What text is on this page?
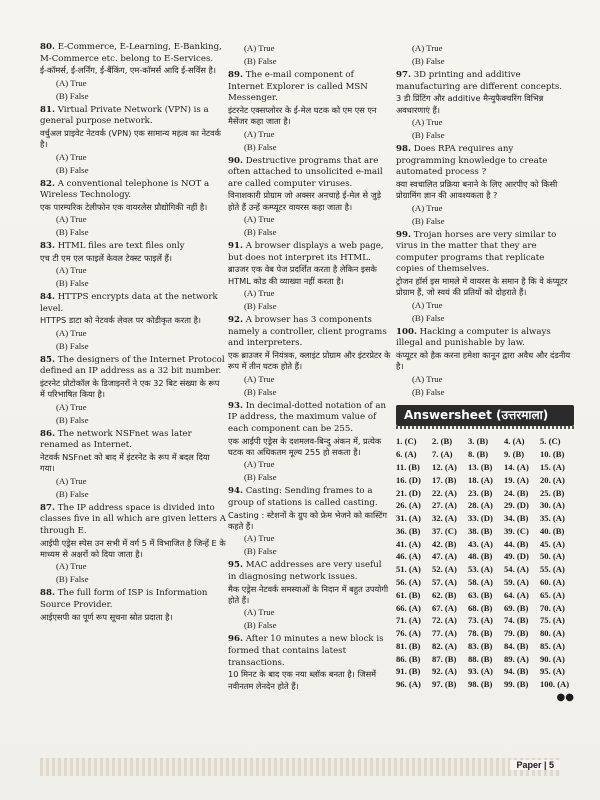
80. E-Commerce, E-Learning, E-Banking, M-Commerce etc. belong to E-Services.
ई-कॉमर्स, ई-लर्निंग, ई-बैंकिंग, एम-कॉमर्स आदि ई-सर्विस है।
(A) True
(B) False
81. Virtual Private Network (VPN) is a general purpose network.
वर्चुअल प्राइवेट नेटवर्क (VPN) एक सामान्य महत्व का नेटवर्क है।
(A) True
(B) False
82. A conventional telephone is NOT a Wireless Technology.
एक पारम्परिक टेलीफोन एक वायरलेस प्रौद्योगिकी नहीं है।
(A) True
(B) False
83. HTML files are text files only
एच टी एम एल फाइलें केवल टेक्स्ट फाइलें हैं।
(A) True
(B) False
84. HTTPS encrypts data at the network level.
HTTPS डाटा को नेटवर्क लेवल पर कोडीकृत करता है।
(A) True
(B) False
85. The designers of the Internet Protocol defined an IP address as a 32 bit number.
इंटरनेट प्रोटोकॉल के डिजाइनरों ने एक 32 बिट संख्या के रूप में परिभाषित किया है।
(A) True
(B) False
86. The network NSFnet was later renamed as Internet.
नेटवर्क NSFnet को बाद में इंटरनेट के रूप में बदल दिया गया।
(A) True
(B) False
87. The IP address space is divided into classes five in all which are given letters A through E.
आईपी एड्रेस स्पेस उन सभी में वर्ग 5 में विभाजित है जिन्हें E के माध्यम से अक्षरों को दिया जाता है।
(A) True
(B) False
88. The full form of ISP is Information Source Provider.
आईएसपी का पूर्ण रूप सूचना स्रोत प्रदाता है।
(A) True
(B) False
89. The e-mail component of Internet Explorer is called MSN Messenger.
इंटरनेट एक्सप्लोरर के ई-मेल घटक को एम एस एन मैसेंजर कहा जाता है।
(A) True
(B) False
90. Destructive programs that are often attached to unsolicited e-mail are called computer viruses.
विनाशकारी प्रोग्राम जो अक्सर अनचाहे ई-मेल से जुड़े होते हैं उन्हें कम्प्यूटर वायरस कहा जाता है।
(A) True
(B) False
91. A browser displays a web page, but does not interpret its HTML.
ब्राउजर एक वेब पेज प्रदर्शित करता है लेकिन इसके HTML कोड की व्याख्या नहीं करता है।
(A) True
(B) False
92. A browser has 3 components namely a controller, client programs and interpreters.
एक ब्राउजर में नियंत्रक, क्लाइंट प्रोग्राम और इंटरप्रेटर के रूप में तीन घटक होते हैं।
(A) True
(B) False
93. In decimal-dotted notation of an IP address, the maximum value of each component can be 255.
एक आईपी एड्रेस के दशमलव-बिन्दु अंकन में, प्रत्येक घटक का अधिकतम मूल्य 255 हो सकता है।
(A) True
(B) False
94. Casting: Sending frames to a group of stations is called casting.
Casting : स्टेशनों के ग्रुप को फ्रेम भेजने को कास्टिंग कहते हैं।
(A) True
(B) False
95. MAC addresses are very useful in diagnosing network issues.
मैक एड्रेस नेटवर्क समस्याओं के निदान में बहुत उपयोगी होते हैं।
(A) True
(B) False
96. After 10 minutes a new block is formed that contains latest transactions.
10 मिनट के बाद एक नया ब्लॉक बनता है। जिसमें नवीनतम लेनदेन होते हैं।
(A) True
(B) False
97. 3D printing and additive manufacturing are different concepts.
3 डी प्रिंटिंग और additive मैन्युफैक्चरिंग विभिन्न अवधारणाएं हैं।
(A) True
(B) False
98. Does RPA requires any programming knowledge to create automated process ?
क्या स्वचालित प्रक्रिया बनाने के लिए आरपीए को किसी प्रोग्रामिंग ज्ञान की आवश्यकता है ?
(A) True
(B) False
99. Trojan horses are very similar to virus in the matter that they are computer programs that replicate copies of themselves.
ट्रोजन हॉर्स इस मामले में वायरस के समान है कि वे कंप्यूटर प्रोग्राम हैं, जो स्वयं की प्रतियों को दोहराते हैं।
(A) True
(B) False
100. Hacking a computer is always illegal and punishable by law.
कंप्यूटर को हैक करना हमेशा कानून द्वारा अवैध और दंडनीय है।
(A) True
(B) False
Answersheet (उत्तरमाला)
1. (C)	2. (B)	3. (B)	4. (A)	5. (C)
6. (A)	7. (A)	8. (B)	9. (B)	10. (B)
11. (B)	12. (A)	13. (B)	14. (A)	15. (A)
16. (D)	17. (B)	18. (A)	19. (A)	20. (A)
21. (D)	22. (A)	23. (B)	24. (B)	25. (B)
26. (A)	27. (A)	28. (A)	29. (D)	30. (A)
31. (A)	32. (A)	33. (D)	34. (B)	35. (A)
36. (B)	37. (C)	38. (B)	39. (C)	40. (B)
41. (A)	42. (B)	43. (A)	44. (B)	45. (A)
46. (A)	47. (A)	48. (B)	49. (D)	50. (A)
51. (A)	52. (A)	53. (A)	54. (A)	55. (A)
56. (A)	57. (A)	58. (A)	59. (A)	60. (A)
61. (B)	62. (B)	63. (B)	64. (A)	65. (A)
66. (A)	67. (A)	68. (B)	69. (B)	70. (A)
71. (A)	72. (A)	73. (A)	74. (B)	75. (A)
76. (A)	77. (A)	78. (B)	79. (B)	80. (A)
81. (B)	82. (A)	83. (B)	84. (B)	85. (A)
86. (B)	87. (B)	88. (B)	89. (A)	90. (A)
91. (B)	92. (A)	93. (A)	94. (B)	95. (A)
96. (A)	97. (B)	98. (B)	99. (B)	100. (A)
●●
Paper | 5
